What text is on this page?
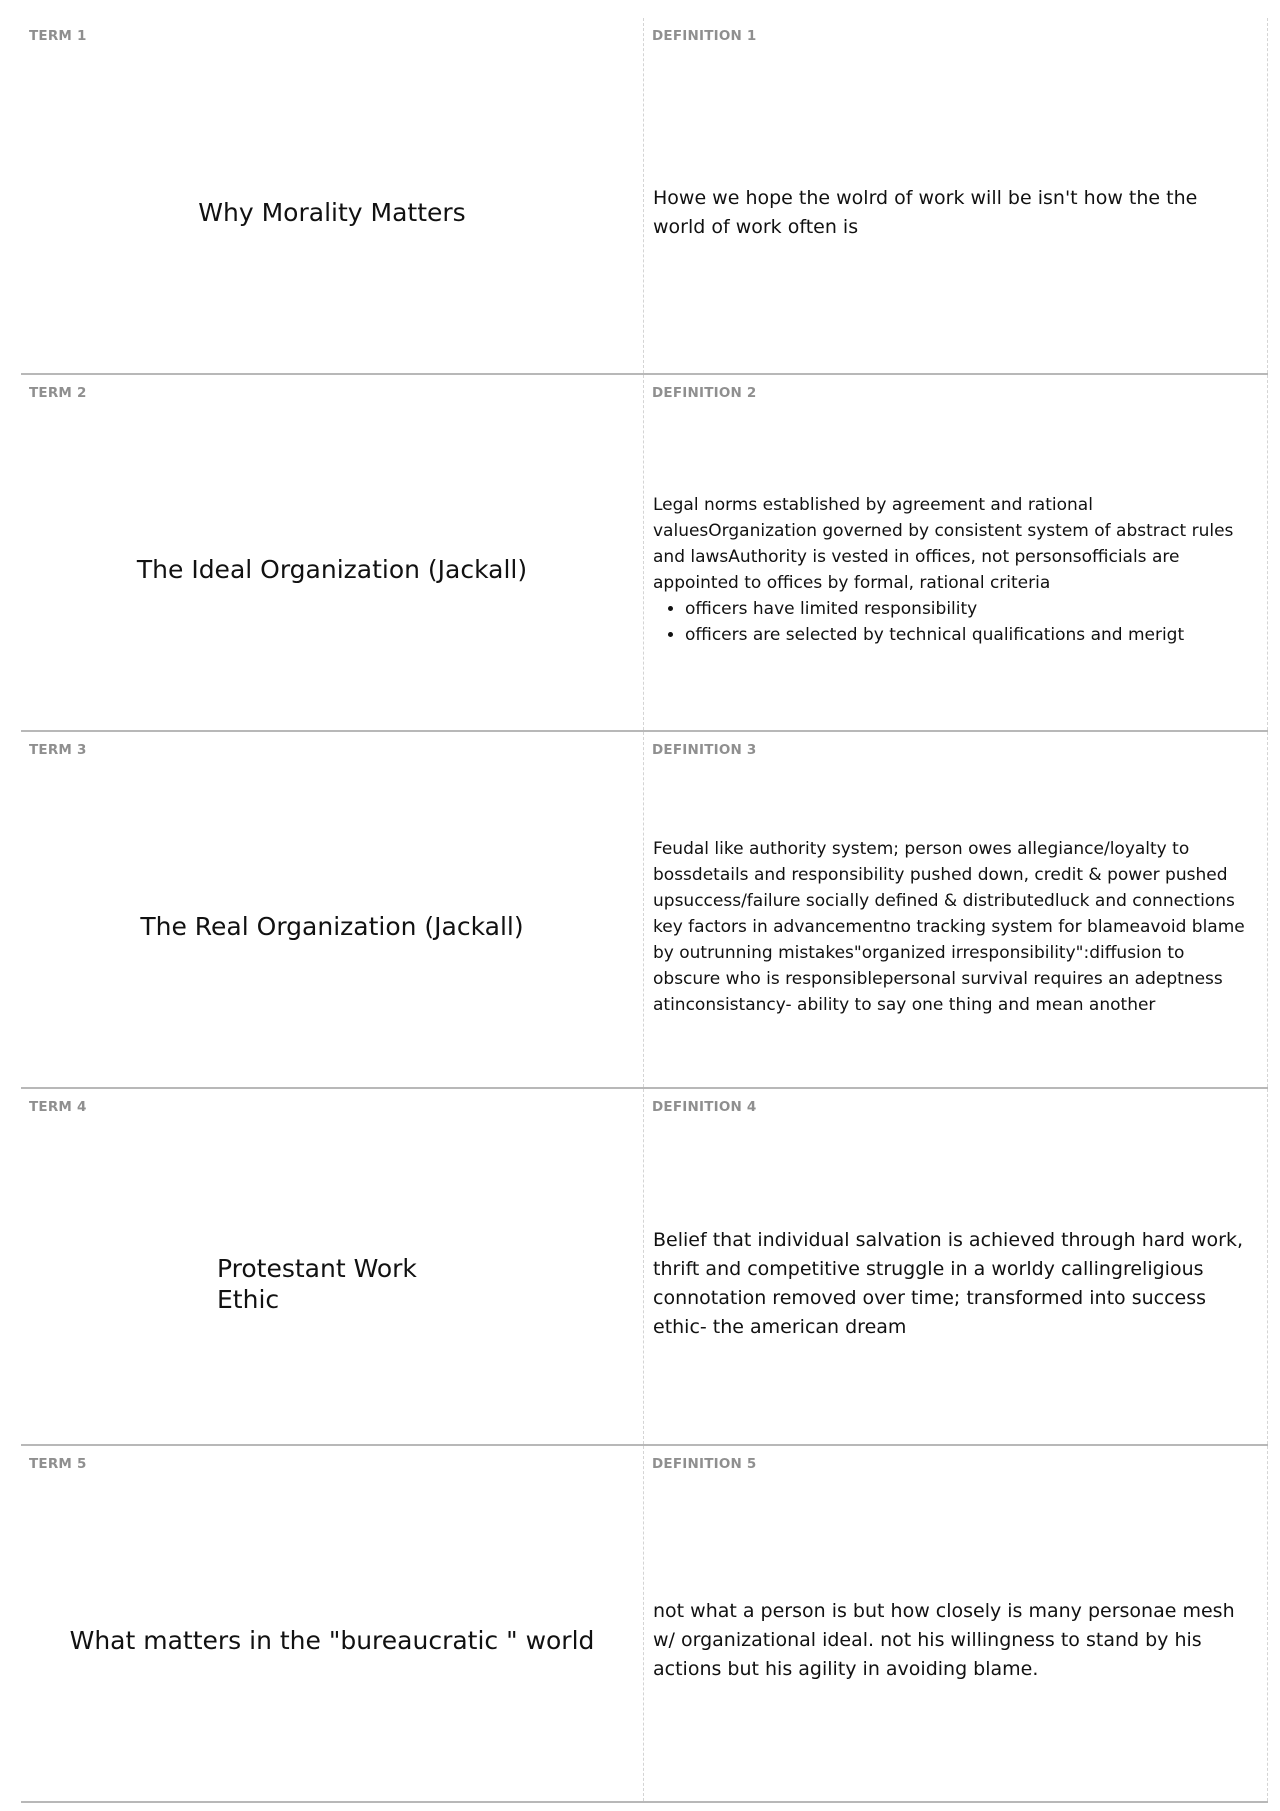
TERM 1
Why Morality Matters
DEFINITION 1
Howe we hope the wolrd of work will be isn't how the the world of work often is
TERM 2
The Ideal Organization (Jackall)
DEFINITION 2
Legal norms established by agreement and rational valuesOrganization governed by consistent system of abstract rules and lawsAuthority is vested in offices, not personsofficials are appointed to offices by formal, rational criteria
• officers have limited responsibility
• officers are selected by technical qualifications and merigt
TERM 3
The Real Organization (Jackall)
DEFINITION 3
Feudal like authority system; person owes allegiance/loyalty to bossdetails and responsibility pushed down, credit & power pushed upsuccess/failure socially defined & distributedluck and connections key factors in advancementno tracking system for blameavoid blame by outrunning mistakes"organized irresponsibility":diffusion to obscure who is responsiblepersonal survival requires an adeptness atinconsistancy- ability to say one thing and mean another
TERM 4
Protestant Work Ethic
DEFINITION 4
Belief that individual salvation is achieved through hard work, thrift and competitive struggle in a worldy callingreligious connotation removed over time; transformed into success ethic- the american dream
TERM 5
What matters in the "bureaucratic " world
DEFINITION 5
not what a person is but how closely is many personae mesh w/ organizational ideal. not his willingness to stand by his actions but his agility in avoiding blame.
